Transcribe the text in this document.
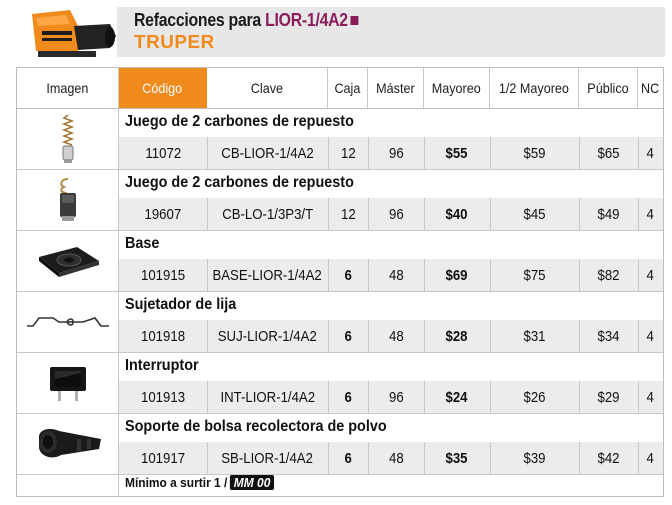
Refacciones para LIOR-1/4A2
TRUPER
Imagen	Código	Clave	Caja Máster Mayoreo 1/2 Mayoreo Público NC
Juego de 2 carbones de repuesto
11072	CB-LIOR-1/4A2 12 96	$55	$59	$65 4
Juego de 2 carbones de repuesto
19607	CB-LO-1/3P3/T 12 96	$40	$45	$49 4
Base
101915 BASE-LIOR-1/4A2 6 48	$69	$75	$82 4
Sujetador de lija
101918 SUJ-LIOR-1/4A2 6 48	$28	$31	$34 4
Interruptor
101913 INT-LIOR-1/4A2 6 96	$24	$26	$29 4
Soporte de bolsa recolectora de polvo
101917 SB-LIOR-1/4A2 6 48	$35	$39	$42 4
Mínimo a surtir 1 / MM 00
